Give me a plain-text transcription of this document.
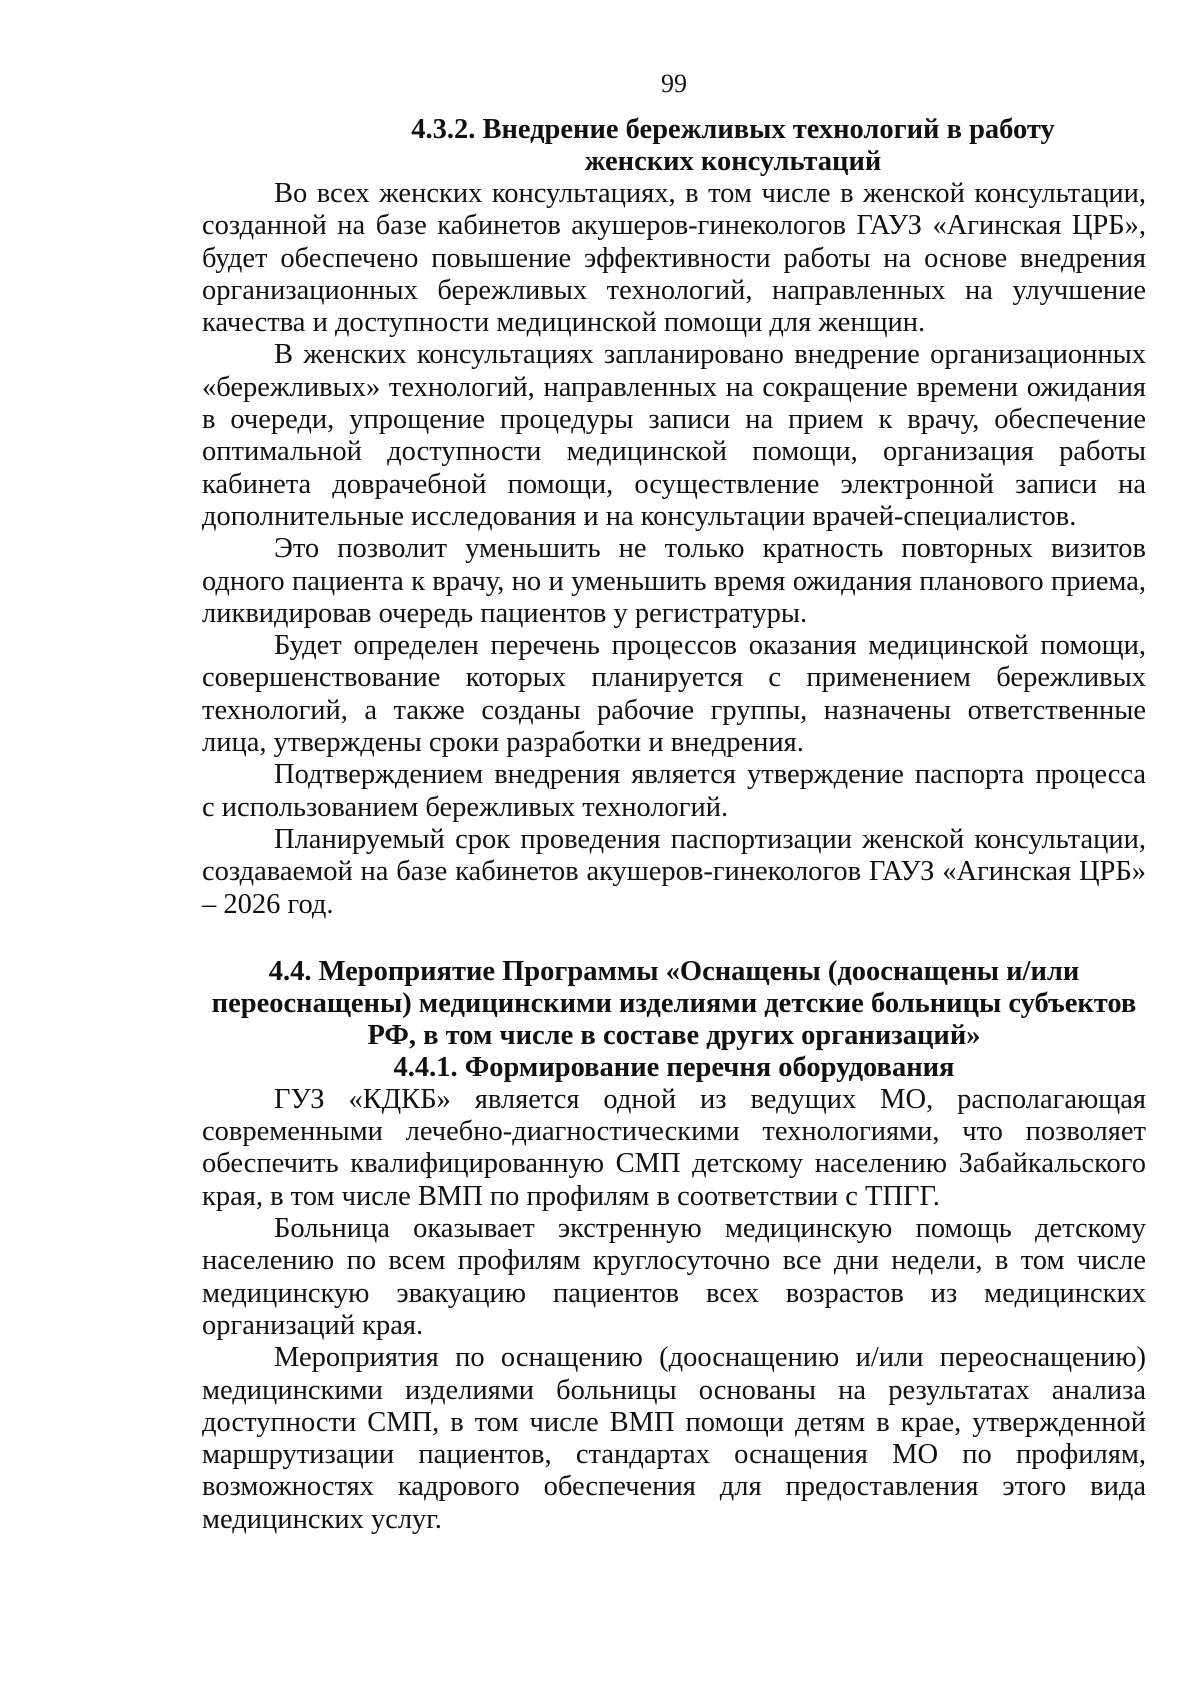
99

4.3.2. Внедрение бережливых технологий в работу

женских консультаций

Во всех женских консультациях, в том числе в женской консультации, созданной на базе кабинетов акушеров-гинекологов ГАУЗ «Агинская ЦРБ», будет обеспечено повышение эффективности работы на основе внедрения организационных бережливых технологий, направленных на улучшение качества и доступности медицинской помощи для женщин.

В женских консультациях запланировано внедрение организационных «бережливых» технологий, направленных на сокращение времени ожидания в очереди, упрощение процедуры записи на прием к врачу, обеспечение оптимальной доступности медицинской помощи, организация работы кабинета доврачебной помощи, осуществление электронной записи на дополнительные исследования и на консультации врачей-специалистов.

Это позволит уменьшить не только кратность повторных визитов одного пациента к врачу, но и уменьшить время ожидания планового приема, ликвидировав очередь пациентов у регистратуры.

Будет определен перечень процессов оказания медицинской помощи, совершенствование которых планируется с применением бережливых технологий, а также созданы рабочие группы, назначены ответственные лица, утверждены сроки разработки и внедрения.

Подтверждением внедрения является утверждение паспорта процесса с использованием бережливых технологий.

Планируемый срок проведения паспортизации женской консультации, создаваемой на базе кабинетов акушеров-гинекологов ГАУЗ «Агинская ЦРБ» – 2026 год.

4.4. Мероприятие Программы «Оснащены (дооснащены и/или

переоснащены) медицинскими изделиями детские больницы субъектов

РФ, в том числе в составе других организаций»

4.4.1. Формирование перечня оборудования

ГУЗ «КДКБ» является одной из ведущих МО, располагающая современными лечебно-диагностическими технологиями, что позволяет обеспечить квалифицированную СМП детскому населению Забайкальского края, в том числе ВМП по профилям в соответствии с ТПГГ.

Больница оказывает экстренную медицинскую помощь детскому населению по всем профилям круглосуточно все дни недели, в том числе медицинскую эвакуацию пациентов всех возрастов из медицинских организаций края.

Мероприятия по оснащению (дооснащению и/или переоснащению) медицинскими изделиями больницы основаны на результатах анализа доступности СМП, в том числе ВМП помощи детям в крае, утвержденной маршрутизации пациентов, стандартах оснащения МО по профилям, возможностях кадрового обеспечения для предоставления этого вида медицинских услуг.
